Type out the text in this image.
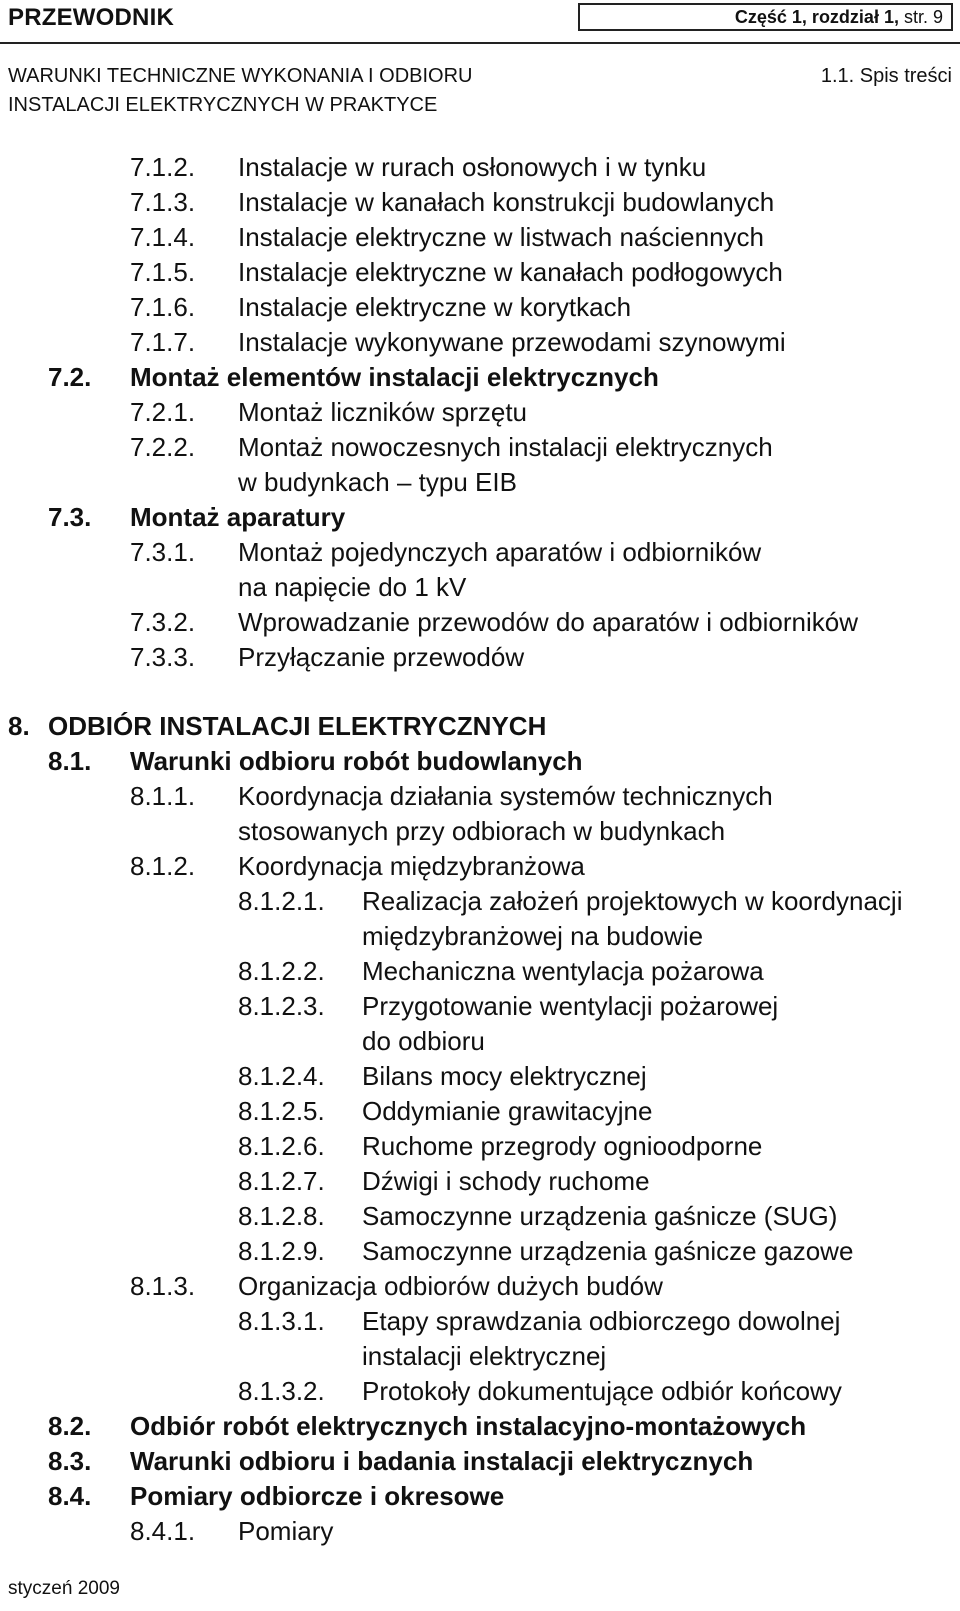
PRZEWODNIK	Część 1, rozdział 1, str. 9
WARUNKI TECHNICZNE WYKONANIA I ODBIORU
INSTALACJI ELEKTRYCZNYCH W PRAKTYCE
1.1. Spis treści
7.1.2. Instalacje w rurach osłonowych i w tynku
7.1.3. Instalacje w kanałach konstrukcji budowlanych
7.1.4. Instalacje elektryczne w listwach naściennych
7.1.5. Instalacje elektryczne w kanałach podłogowych
7.1.6. Instalacje elektryczne w korytkach
7.1.7. Instalacje wykonywane przewodami szynowymi
7.2. Montaż elementów instalacji elektrycznych
7.2.1. Montaż liczników sprzętu
7.2.2. Montaż nowoczesnych instalacji elektrycznych
w budynkach – typu EIB
7.3. Montaż aparatury
7.3.1. Montaż pojedynczych aparatów i odbiorników
na napięcie do 1 kV
7.3.2. Wprowadzanie przewodów do aparatów i odbiorników
7.3.3. Przyłączanie przewodów
8. ODBIÓR INSTALACJI ELEKTRYCZNYCH
8.1. Warunki odbioru robót budowlanych
8.1.1. Koordynacja działania systemów technicznych
stosowanych przy odbiorach w budynkach
8.1.2. Koordynacja międzybranżowa
8.1.2.1. Realizacja założeń projektowych w koordynacji
międzybranżowej na budowie
8.1.2.2. Mechaniczna wentylacja pożarowa
8.1.2.3. Przygotowanie wentylacji pożarowej
do odbioru
8.1.2.4. Bilans mocy elektrycznej
8.1.2.5. Oddymianie grawitacyjne
8.1.2.6. Ruchome przegrody ognioodporne
8.1.2.7. Dźwigi i schody ruchome
8.1.2.8. Samoczynne urządzenia gaśnicze (SUG)
8.1.2.9. Samoczynne urządzenia gaśnicze gazowe
8.1.3. Organizacja odbiorów dużych budów
8.1.3.1. Etapy sprawdzania odbiorczego dowolnej
instalacji elektrycznej
8.1.3.2. Protokoły dokumentujące odbiór końcowy
8.2. Odbiór robót elektrycznych instalacyjno-montażowych
8.3. Warunki odbioru i badania instalacji elektrycznych
8.4. Pomiary odbiorcze i okresowe
8.4.1. Pomiary
styczeń 2009
